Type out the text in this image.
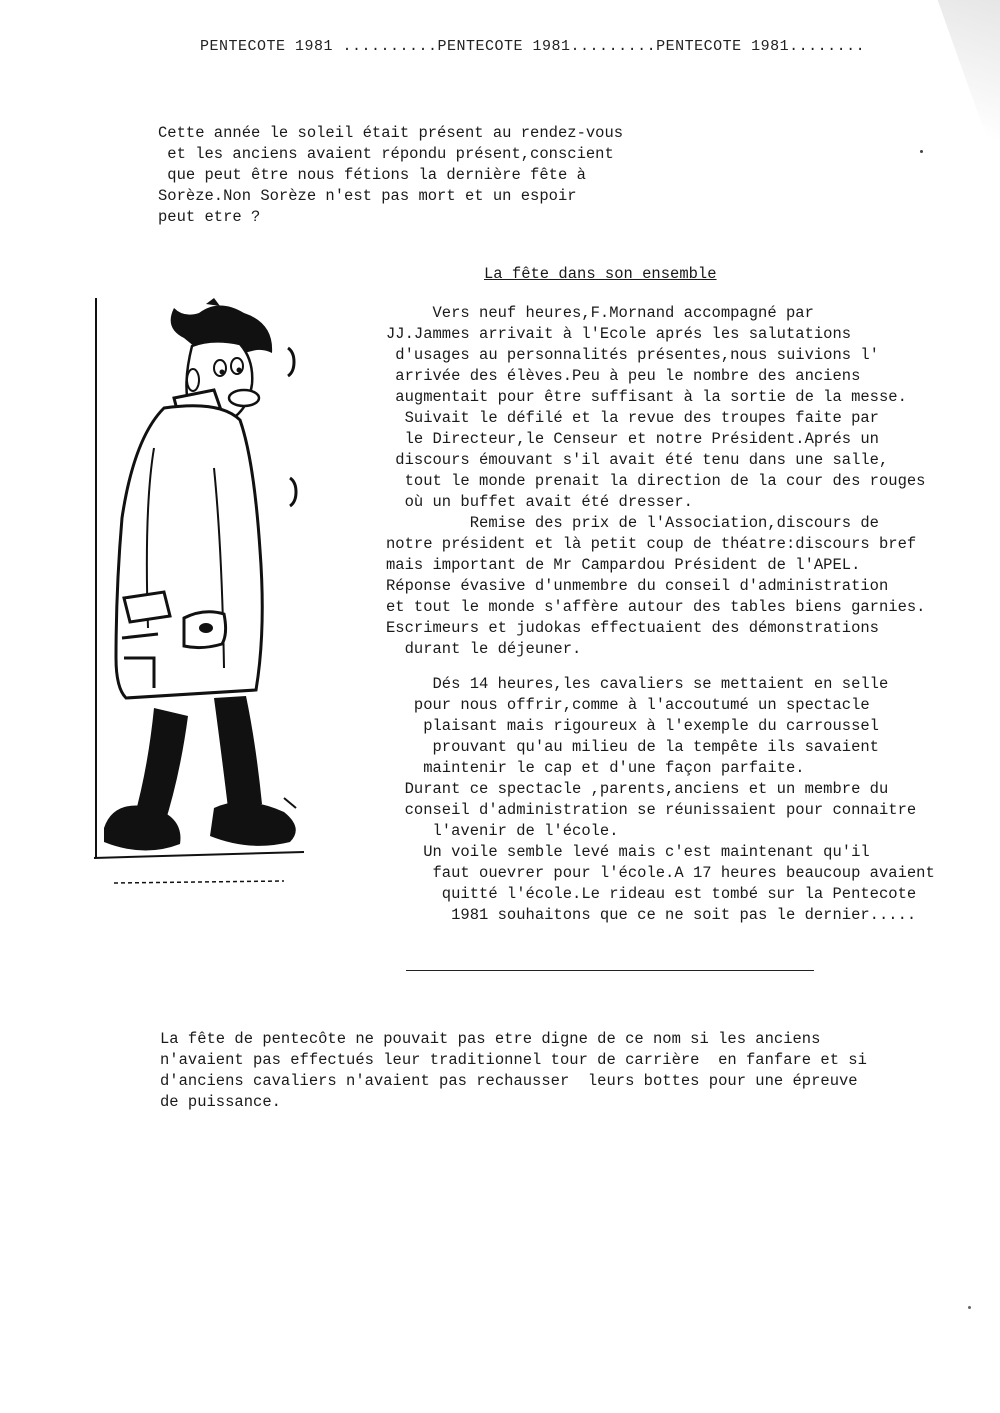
PENTECOTE 1981 ..........PENTECOTE 1981.........PENTECOTE 1981........
Cette année le soleil était présent au rendez-vous
et les anciens avaient répondu présent,conscient
que peut être nous fétions la dernière fête à
Sorèze.Non Sorèze n'est pas mort et un espoir
peut etre ?
La fête dans son ensemble
Vers neuf heures,F.Mornand accompagné par
JJ.Jammes arrivait à l'Ecole aprés les salutations
d'usages au personnalités présentes,nous suivions l'
arrivée des élèves.Peu à peu le nombre des anciens
augmentait pour être suffisant à la sortie de la messe.
Suivait le défilé et la revue des troupes faite par
le Directeur,le Censeur et notre Président.Aprés un
discours émouvant s'il avait été tenu dans une salle,
tout le monde prenait la direction de la cour des rouges
où un buffet avait été dresser.
Remise des prix de l'Association,discours de
notre président et là petit coup de théatre:discours bref
mais important de Mr Campardou Président de l'APEL.
Réponse évasive d'unmembre du conseil d'administration
et tout le monde s'affère autour des tables biens garnies.
Escrimeurs et judokas effectuaient des démonstrations
durant le déjeuner.
Dés 14 heures,les cavaliers se mettaient en selle
pour nous offrir,comme à l'accoutumé un spectacle
plaisant mais rigoureux à l'exemple du carroussel
prouvant qu'au milieu de la tempête ils savaient
maintenir le cap et d'une façon parfaite.
Durant ce spectacle ,parents,anciens et un membre du
conseil d'administration se réunissaient pour connaitre
l'avenir de l'école.
Un voile semble levé mais c'est maintenant qu'il
faut ouevrer pour l'école.A 17 heures beaucoup avaient
quitté l'école.Le rideau est tombé sur la Pentecote
1981 souhaitons que ce ne soit pas le dernier.....
La fête de pentecôte ne pouvait pas etre digne de ce nom si les anciens
n'avaient pas effectués leur traditionnel tour de carrière  en fanfare et si
d'anciens cavaliers n'avaient pas rechausser  leurs bottes pour une épreuve
de puissance.
